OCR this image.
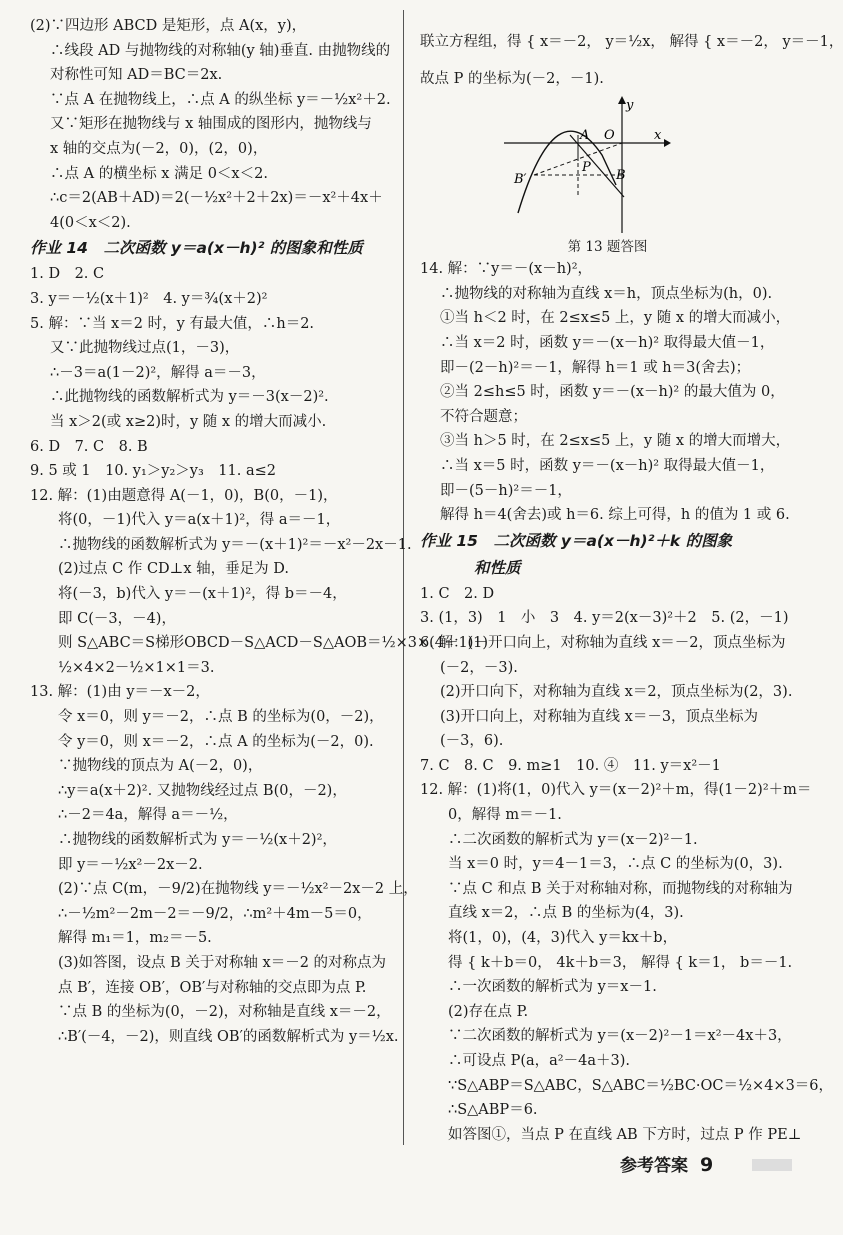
(2)∵四边形 ABCD 是矩形，点 A(x，y)，
∴线段 AD 与抛物线的对称轴(y 轴)垂直. 由抛物线的
对称性可知 AD＝BC＝2x.
∵点 A 在抛物线上，∴点 A 的纵坐标 y＝－½x²＋2.
又∵矩形在抛物线与 x 轴围成的图形内，抛物线与
x 轴的交点为(－2，0)，(2，0)，
∴点 A 的横坐标 x 满足 0＜x＜2.
∴c＝2(AB＋AD)＝2(－½x²＋2＋2x)＝－x²＋4x＋
4(0＜x＜2).
作业 14　二次函数 y＝a(x－h)² 的图象和性质
1. D　2. C
3. y＝－½(x＋1)²　4. y＝¾(x＋2)²
5. 解：∵当 x＝2 时，y 有最大值，∴h＝2.
又∵此抛物线过点(1，－3)，
∴－3＝a(1－2)²，解得 a＝－3，
∴此抛物线的函数解析式为 y＝－3(x－2)².
当 x＞2(或 x≥2)时，y 随 x 的增大而减小.
6. D　7. C　8. B
9. 5 或 1　10. y₁＞y₂＞y₃　11. a≤2
12. 解：(1)由题意得 A(－1，0)，B(0，－1)，
将(0，－1)代入 y＝a(x＋1)²，得 a＝－1，
∴抛物线的函数解析式为 y＝－(x＋1)²＝－x²－2x－1.
(2)过点 C 作 CD⊥x 轴，垂足为 D.
将(－3，b)代入 y＝－(x＋1)²，得 b＝－4，
即 C(－3，－4)，
则 S△ABC＝S梯形OBCD－S△ACD－S△AOB＝½×3×(4＋1)－
½×4×2－½×1×1＝3.
13. 解：(1)由 y＝－x－2，
令 x＝0，则 y＝－2，∴点 B 的坐标为(0，－2)，
令 y＝0，则 x＝－2，∴点 A 的坐标为(－2，0).
∵抛物线的顶点为 A(－2，0)，
∴y＝a(x＋2)². 又抛物线经过点 B(0，－2)，
∴－2＝4a，解得 a＝－½，
∴抛物线的函数解析式为 y＝－½(x＋2)²，
即 y＝－½x²－2x－2.
(2)∵点 C(m，－9/2)在抛物线 y＝－½x²－2x－2 上，
∴－½m²－2m－2＝－9/2，∴m²＋4m－5＝0，
解得 m₁＝1，m₂＝－5.
(3)如答图，设点 B 关于对称轴 x＝－2 的对称点为
点 B′，连接 OB′，OB′与对称轴的交点即为点 P.
∵点 B 的坐标为(0，－2)，对称轴是直线 x＝－2，
∴B′(－4，－2)，则直线 OB′的函数解析式为 y＝½x.
联立方程组，得 { x＝－2， y＝½x， 解得 { x＝－2， y＝－1，
故点 P 的坐标为(－2，－1).
A O	x
y
B
B′
P
第 13 题答图
14. 解：∵y＝－(x－h)²，
∴抛物线的对称轴为直线 x＝h，顶点坐标为(h，0).
①当 h＜2 时，在 2≤x≤5 上，y 随 x 的增大而减小，
∴当 x＝2 时，函数 y＝－(x－h)² 取得最大值－1，
即－(2－h)²＝－1，解得 h＝1 或 h＝3(舍去)；
②当 2≤h≤5 时，函数 y＝－(x－h)² 的最大值为 0，
不符合题意；
③当 h＞5 时，在 2≤x≤5 上，y 随 x 的增大而增大，
∴当 x＝5 时，函数 y＝－(x－h)² 取得最大值－1，
即－(5－h)²＝－1，
解得 h＝4(舍去)或 h＝6. 综上可得，h 的值为 1 或 6.
作业 15　二次函数 y＝a(x－h)²＋k 的图象
和性质
1. C　2. D
3. (1，3)　1　小　3　4. y＝2(x－3)²＋2　5. (2，－1)
6. 解：(1)开口向上，对称轴为直线 x＝－2，顶点坐标为
(－2，－3).
(2)开口向下，对称轴为直线 x＝2，顶点坐标为(2，3).
(3)开口向上，对称轴为直线 x＝－3，顶点坐标为
(－3，6).
7. C　8. C　9. m≥1　10. ④　11. y＝x²－1
12. 解：(1)将(1，0)代入 y＝(x－2)²＋m，得(1－2)²＋m＝
0，解得 m＝－1.
∴二次函数的解析式为 y＝(x－2)²－1.
当 x＝0 时，y＝4－1＝3，∴点 C 的坐标为(0，3).
∵点 C 和点 B 关于对称轴对称，而抛物线的对称轴为
直线 x＝2，∴点 B 的坐标为(4，3).
将(1，0)，(4，3)代入 y＝kx＋b，
得 { k＋b＝0， 4k＋b＝3， 解得 { k＝1， b＝－1.
∴一次函数的解析式为 y＝x－1.
(2)存在点 P.
∵二次函数的解析式为 y＝(x－2)²－1＝x²－4x＋3，
∴可设点 P(a，a²－4a＋3).
∵S△ABP＝S△ABC，S△ABC＝½BC·OC＝½×4×3＝6，
∴S△ABP＝6.
如答图①，当点 P 在直线 AB 下方时，过点 P 作 PE⊥
参考答案 9
